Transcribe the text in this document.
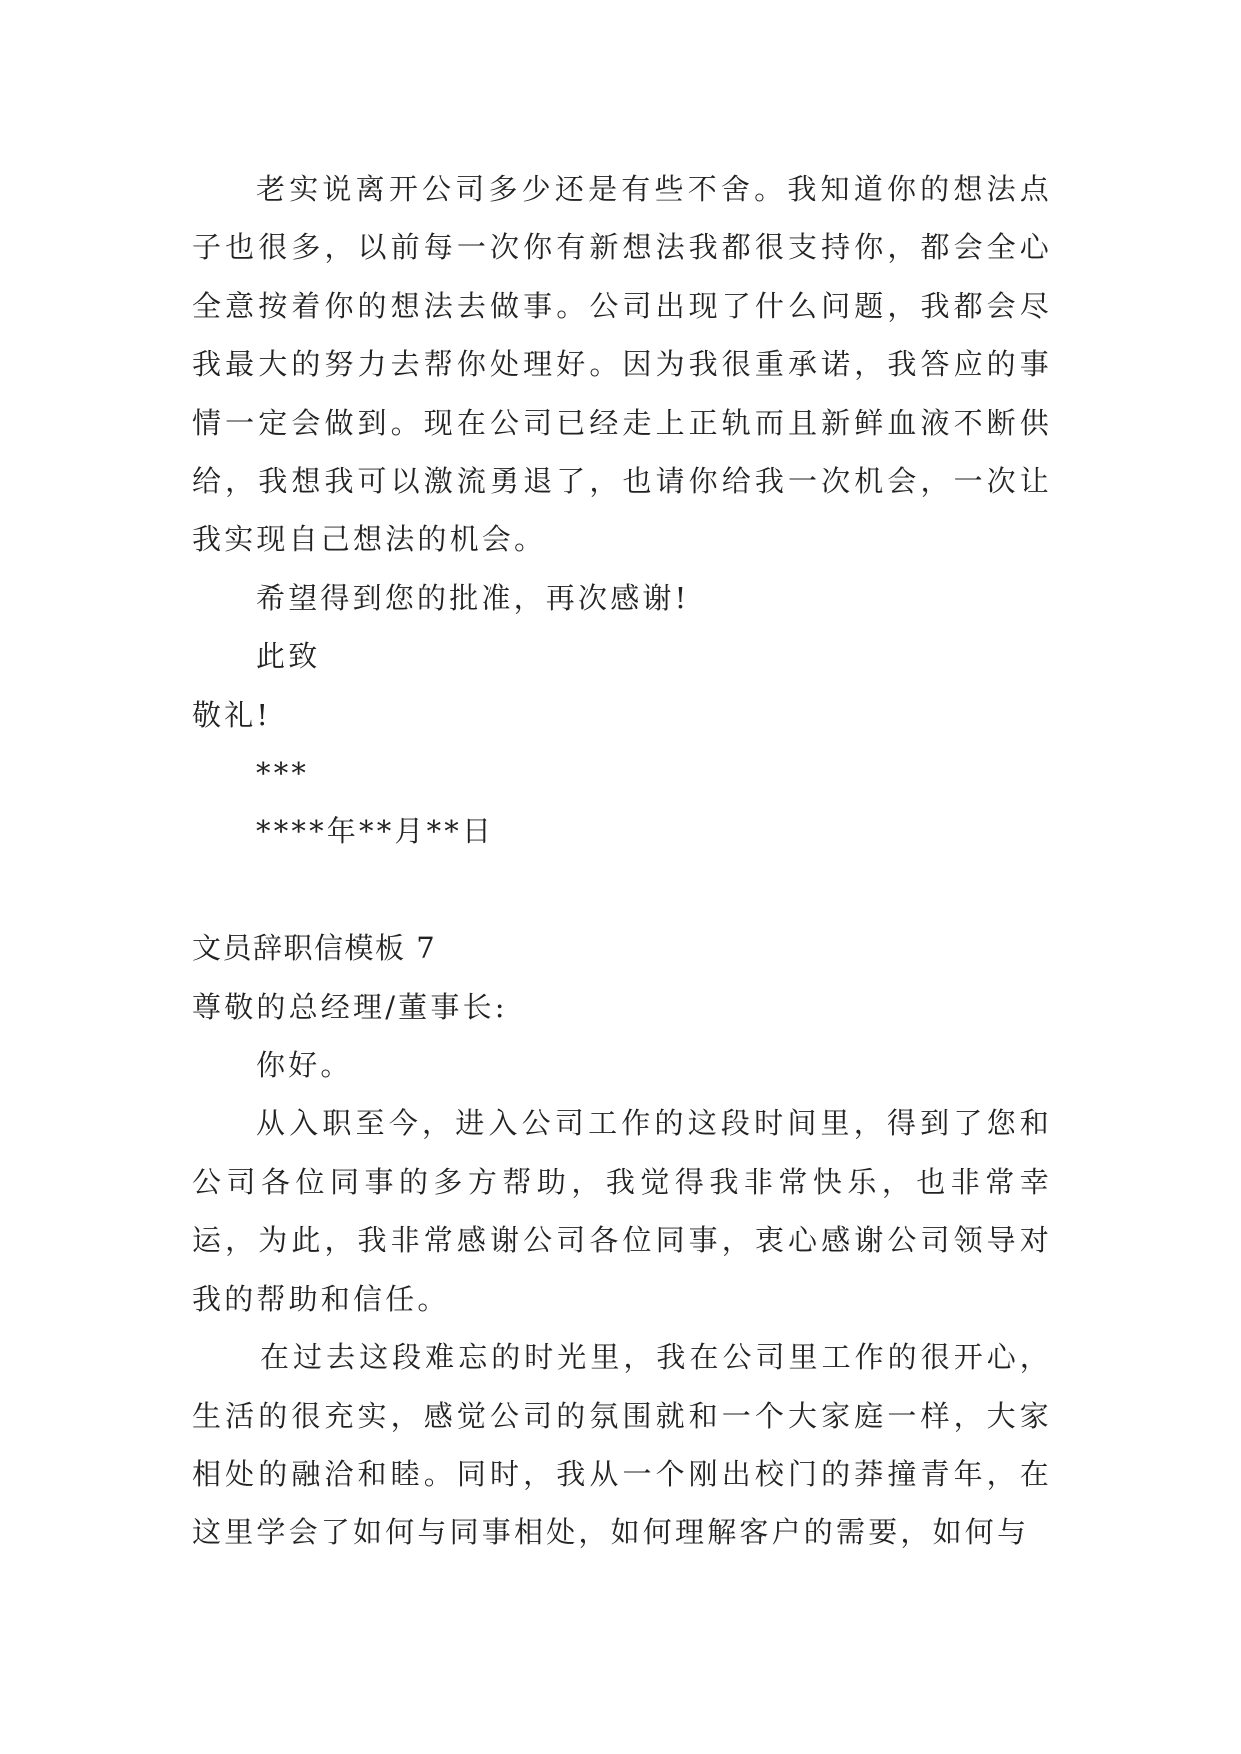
老实说离开公司多少还是有些不舍。我知道你的想法点子也很多，以前每一次你有新想法我都很支持你，都会全心全意按着你的想法去做事。公司出现了什么问题，我都会尽我最大的努力去帮你处理好。因为我很重承诺，我答应的事情一定会做到。现在公司已经走上正轨而且新鲜血液不断供给，我想我可以激流勇退了，也请你给我一次机会，一次让我实现自己想法的机会。

希望得到您的批准，再次感谢!

此致

敬礼!

***

****年**月**日

文员辞职信模板 7

尊敬的总经理/董事长:

你好。

从入职至今，进入公司工作的这段时间里，得到了您和公司各位同事的多方帮助，我觉得我非常快乐，也非常幸运，为此，我非常感谢公司各位同事，衷心感谢公司领导对我的帮助和信任。

在过去这段难忘的时光里，我在公司里工作的很开心，生活的很充实，感觉公司的氛围就和一个大家庭一样，大家相处的融洽和睦。同时，我从一个刚出校门的莽撞青年，在这里学会了如何与同事相处，如何理解客户的需要，如何与
